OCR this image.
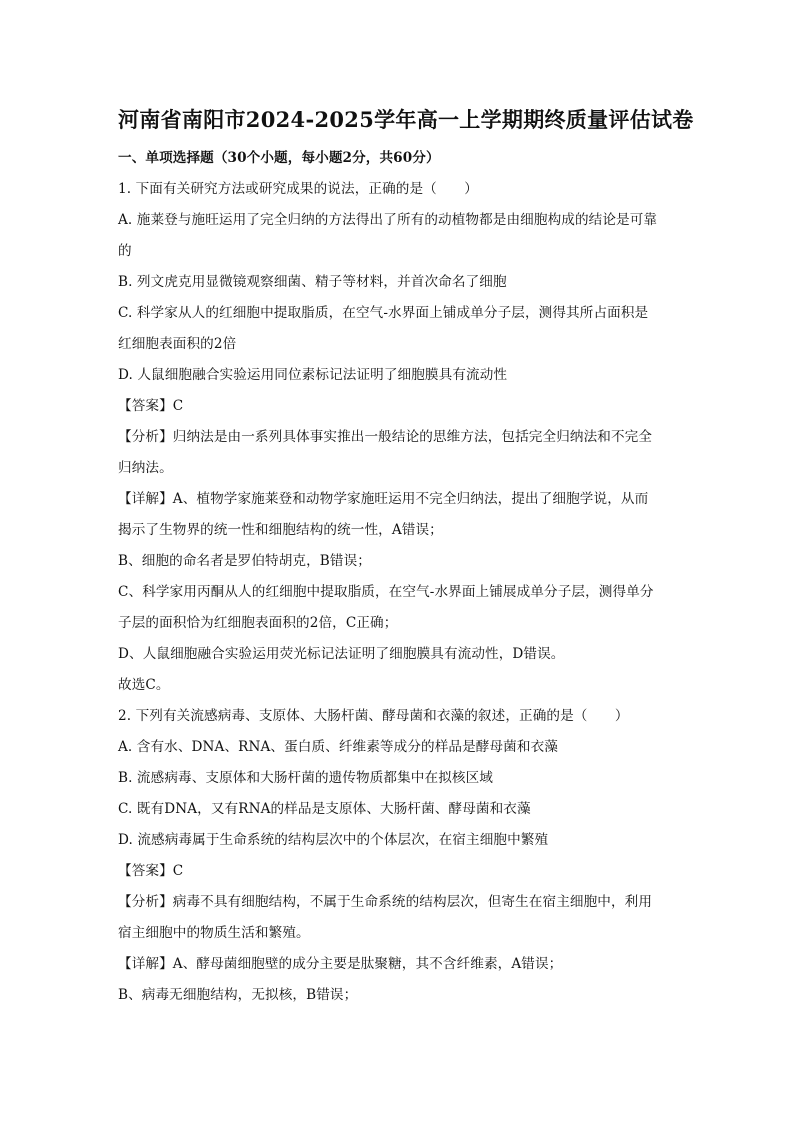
河南省南阳市2024-2025学年高一上学期期终质量评估试卷
一、单项选择题（30个小题，每小题2分，共60分）
1. 下面有关研究方法或研究成果的说法，正确的是（　　）
A. 施莱登与施旺运用了完全归纳的方法得出了所有的动植物都是由细胞构成的结论是可靠
的
B. 列文虎克用显微镜观察细菌、精子等材料，并首次命名了细胞
C. 科学家从人的红细胞中提取脂质，在空气-水界面上铺成单分子层，测得其所占面积是
红细胞表面积的2倍
D. 人鼠细胞融合实验运用同位素标记法证明了细胞膜具有流动性
【答案】C
【分析】归纳法是由一系列具体事实推出一般结论的思维方法，包括完全归纳法和不完全
归纳法。
【详解】A、植物学家施莱登和动物学家施旺运用不完全归纳法，提出了细胞学说，从而
揭示了生物界的统一性和细胞结构的统一性，A错误；
B、细胞的命名者是罗伯特胡克，B错误；
C、科学家用丙酮从人的红细胞中提取脂质，在空气-水界面上铺展成单分子层，测得单分
子层的面积恰为红细胞表面积的2倍，C正确；
D、人鼠细胞融合实验运用荧光标记法证明了细胞膜具有流动性，D错误。
故选C。
2. 下列有关流感病毒、支原体、大肠杆菌、酵母菌和衣藻的叙述，正确的是（　　）
A. 含有水、DNA、RNA、蛋白质、纤维素等成分的样品是酵母菌和衣藻
B. 流感病毒、支原体和大肠杆菌的遗传物质都集中在拟核区域
C. 既有DNA，又有RNA的样品是支原体、大肠杆菌、酵母菌和衣藻
D. 流感病毒属于生命系统的结构层次中的个体层次，在宿主细胞中繁殖
【答案】C
【分析】病毒不具有细胞结构，不属于生命系统的结构层次，但寄生在宿主细胞中，利用
宿主细胞中的物质生活和繁殖。
【详解】A、酵母菌细胞壁的成分主要是肽聚糖，其不含纤维素，A错误；
B、病毒无细胞结构，无拟核，B错误；
